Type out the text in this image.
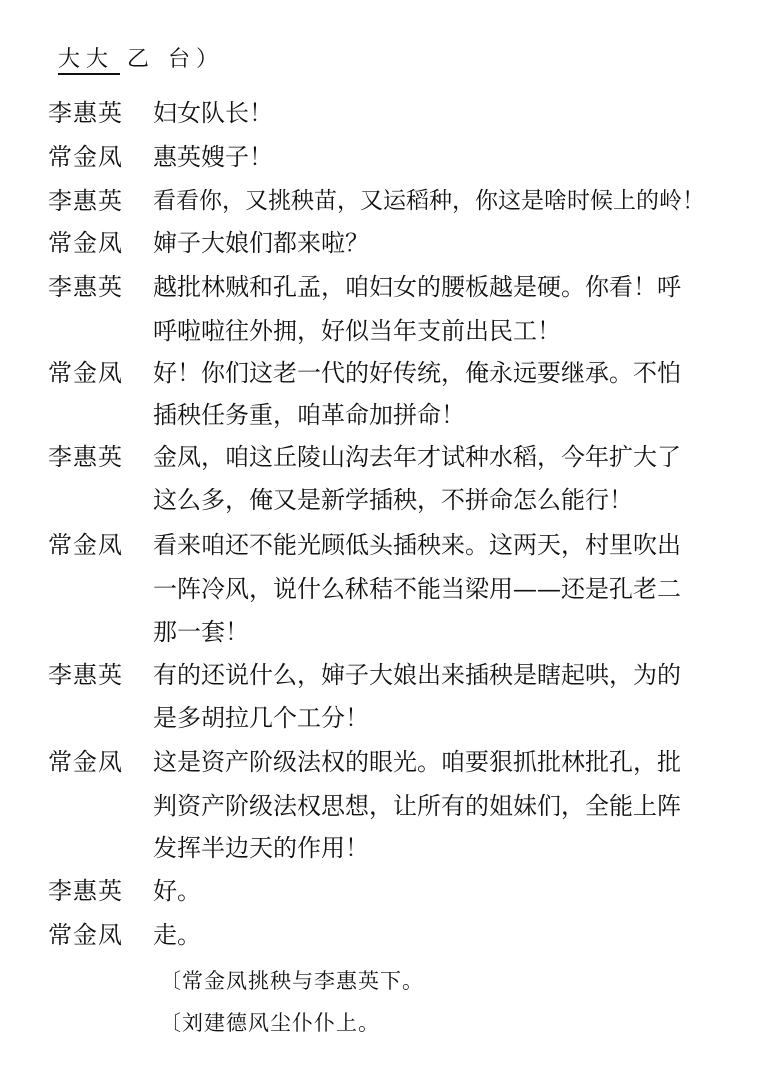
大大 乙 台）
李惠英 妇女队长！
常金凤 惠英嫂子！
李惠英 看看你，又挑秧苗，又运稻种，你这是啥时候上的岭！
常金凤 婶子大娘们都来啦？
李惠英 越批林贼和孔孟，咱妇女的腰板越是硬。你看！呼
呼啦啦往外拥，好似当年支前出民工！
常金凤 好！你们这老一代的好传统，俺永远要继承。不怕
插秧任务重，咱革命加拼命！
李惠英 金凤，咱这丘陵山沟去年才试种水稻，今年扩大了
这么多，俺又是新学插秧，不拼命怎么能行！
常金凤 看来咱还不能光顾低头插秧来。这两天，村里吹出
一阵冷风，说什么秫秸不能当梁用——还是孔老二
那一套！
李惠英 有的还说什么，婶子大娘出来插秧是瞎起哄，为的
是多胡拉几个工分！
常金凤 这是资产阶级法权的眼光。咱要狠抓批林批孔，批
判资产阶级法权思想，让所有的姐妹们，全能上阵
发挥半边天的作用！
李惠英 好。
常金凤 走。
〔常金凤挑秧与李惠英下。
〔刘建德风尘仆仆上。
